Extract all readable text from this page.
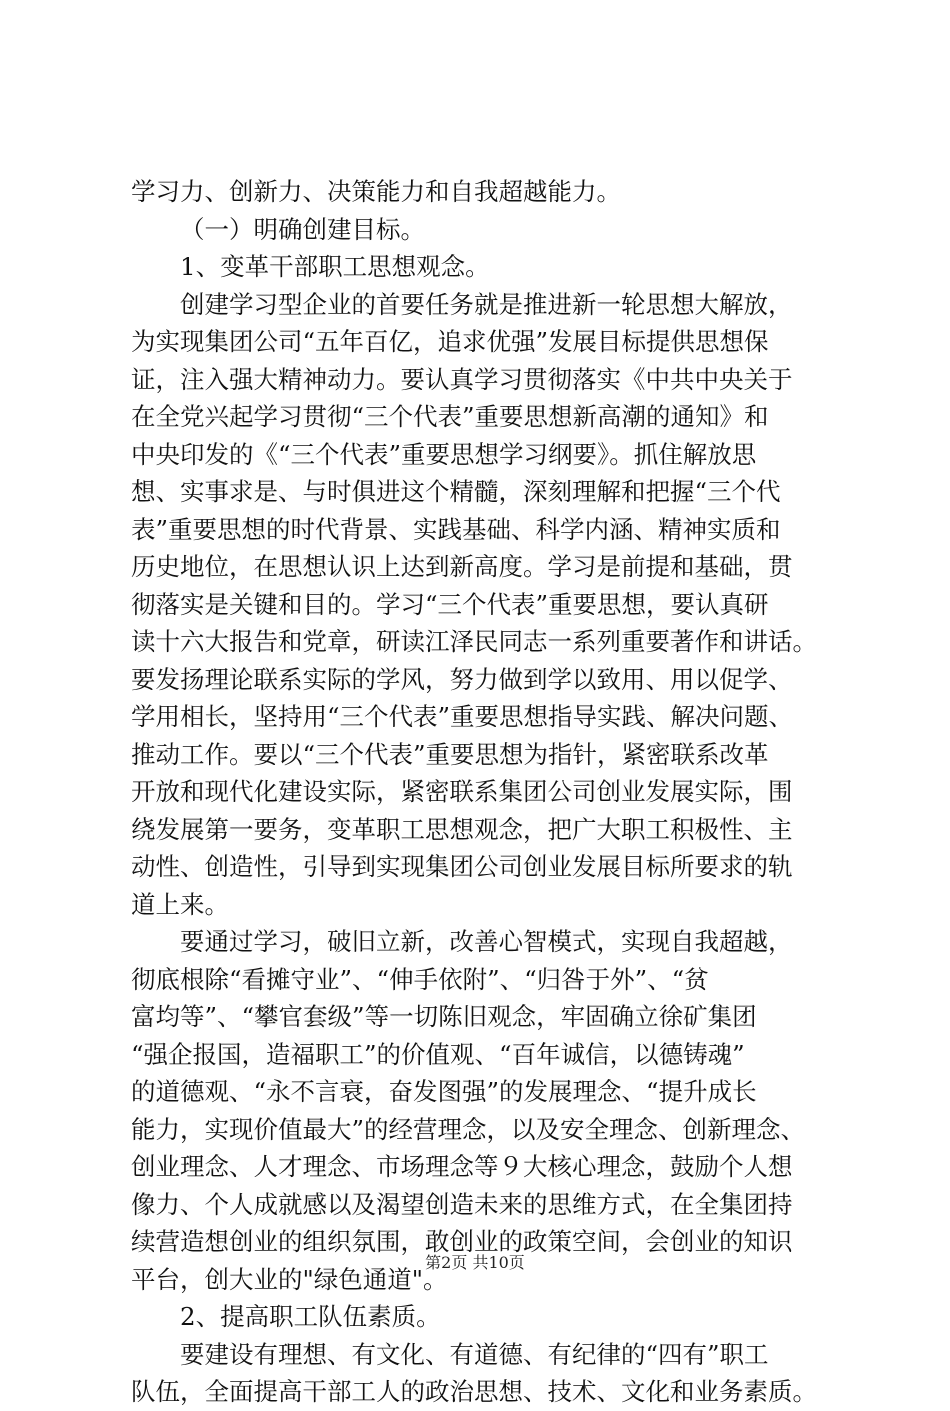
学习力、创新力、决策能力和自我超越能力。
（一）明确创建目标。
1、变革干部职工思想观念。
创建学习型企业的首要任务就是推进新一轮思想大解放，
为实现集团公司“五年百亿，追求优强”发展目标提供思想保
证，注入强大精神动力。要认真学习贯彻落实《中共中央关于
在全党兴起学习贯彻“三个代表”重要思想新高潮的通知》和
中央印发的《“三个代表”重要思想学习纲要》。抓住解放思
想、实事求是、与时俱进这个精髓，深刻理解和把握“三个代
表”重要思想的时代背景、实践基础、科学内涵、精神实质和
历史地位，在思想认识上达到新高度。学习是前提和基础，贯
彻落实是关键和目的。学习“三个代表”重要思想，要认真研
读十六大报告和党章，研读江泽民同志一系列重要著作和讲话。
要发扬理论联系实际的学风，努力做到学以致用、用以促学、
学用相长，坚持用“三个代表”重要思想指导实践、解决问题、
推动工作。要以“三个代表”重要思想为指针，紧密联系改革
开放和现代化建设实际，紧密联系集团公司创业发展实际，围
绕发展第一要务，变革职工思想观念，把广大职工积极性、主
动性、创造性，引导到实现集团公司创业发展目标所要求的轨
道上来。
要通过学习，破旧立新，改善心智模式，实现自我超越，
彻底根除“看摊守业”、“伸手依附”、“归咎于外”、“贫
富均等”、“攀官套级”等一切陈旧观念，牢固确立徐矿集团
“强企报国，造福职工”的价值观、“百年诚信，以德铸魂”
的道德观、“永不言衰，奋发图强”的发展理念、“提升成长
能力，实现价值最大”的经营理念，以及安全理念、创新理念、
创业理念、人才理念、市场理念等９大核心理念，鼓励个人想
像力、个人成就感以及渴望创造未来的思维方式，在全集团持
续营造想创业的组织氛围，敢创业的政策空间，会创业的知识
平台，创大业的"绿色通道"。
2、提高职工队伍素质。
要建设有理想、有文化、有道德、有纪律的“四有”职工
队伍，全面提高干部工人的政治思想、技术、文化和业务素质。
第2页 共10页
